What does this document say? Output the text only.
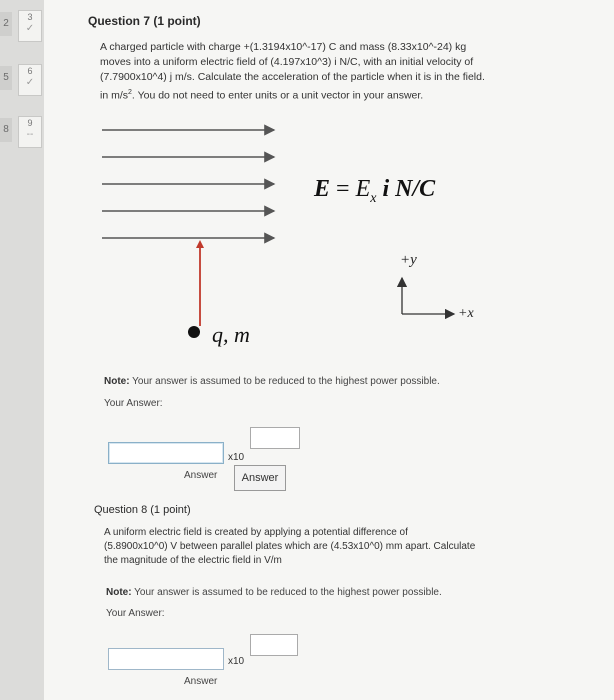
2
3
✓
5
6
✓
8
9
--
Question 7 (1 point)

A charged particle with charge +(1.3194x10^-17) C and mass (8.33x10^-24) kg

moves into a uniform electric field of (4.197x10^3) i N/C, with an initial velocity of

(7.7900x10^4) j m/s. Calculate the acceleration of the particle when it is in the field.

in $m/s^2$. You do not need to enter units or a unit vector in your answer.

$E = E_x$ i N/C
+y
+x
q, m
Note: Your answer is assumed to be reduced to the highest power possible.
Your Answer:
x10
Answer	Answer
Question 8 (1 point)

A uniform electric field is created by applying a potential difference of

(5.8900x10^0) V between parallel plates which are (4.53x10^0) mm apart. Calculate

the magnitude of the electric field in V/m

Note: Your answer is assumed to be reduced to the highest power possible.
Your Answer:
x10
Answer
